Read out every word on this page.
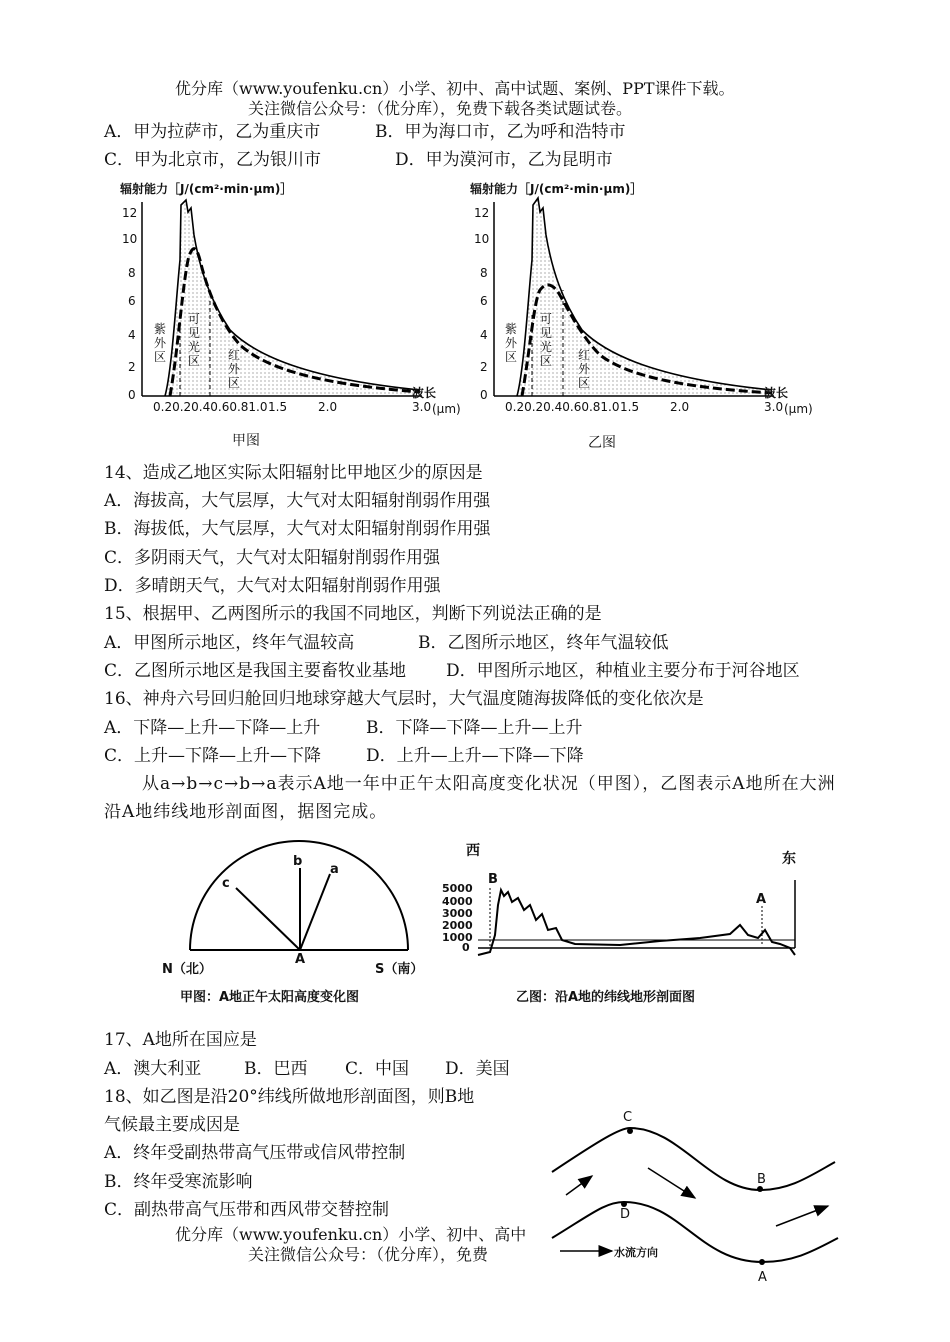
优分库（www.youfenku.cn）小学、初中、高中试题、案例、PPT课件下载。
关注微信公众号：（优分库），免费下载各类试题试卷。
A．甲为拉萨市，乙为重庆市	B．甲为海口市，乙为呼和浩特市
C．甲为北京市，乙为银川市	D．甲为漠河市，乙为昆明市
辐射能力［J/(cm²·min·μm)］
12
10
8
6
4
2
0
紫外区
可见光区 红外区
0.20.20.40.60.81.0 1.5	2.0	3.0
波长
(μm)
甲图
辐射能力［J/(cm²·min·μm)］
12
10
8
6
4
2
0
紫外区
可见光区 红外区
0.20.20.40.60.81.0 1.5	2.0	3.0
波长
(μm)
乙图
14、造成乙地区实际太阳辐射比甲地区少的原因是
A．海拔高，大气层厚，大气对太阳辐射削弱作用强
B．海拔低，大气层厚，大气对太阳辐射削弱作用强
C．多阴雨天气，大气对太阳辐射削弱作用强
D．多晴朗天气，大气对太阳辐射削弱作用强
15、根据甲、乙两图所示的我国不同地区，判断下列说法正确的是
A．甲图所示地区，终年气温较高	B．乙图所示地区，终年气温较低
C．乙图所示地区是我国主要畜牧业基地 D．甲图所示地区，种植业主要分布于河谷地区
16、神舟六号回归舱回归地球穿越大气层时，大气温度随海拔降低的变化依次是
A．下降—上升—下降—上升	B．下降—下降—上升—上升
C．上升—下降—上升—下降	D．上升—上升—下降—下降
从a→b→c→b→a表示A地一年中正午太阳高度变化状况（甲图），乙图表示A地所在大洲沿A地纬线地形剖面图，据图完成。
c
b
a
A
N（北）	S（南）
甲图：A地正午太阳高度变化图
西	东
5000
4000
3000
2000
1000
0
B
A
乙图：沿A地的纬线地形剖面图
17、A地所在国应是
A．澳大利亚	B．巴西 C．中国 D．美国
18、如乙图是沿20°纬线所做地形剖面图，则B地
气候最主要成因是
A．终年受副热带高气压带或信风带控制
B．终年受寒流影响
C．副热带高气压带和西风带交替控制
C
B
D
A
水流方向
优分库（www.youfenku.cn）小学、初中、高中
关注微信公众号：（优分库），免费
